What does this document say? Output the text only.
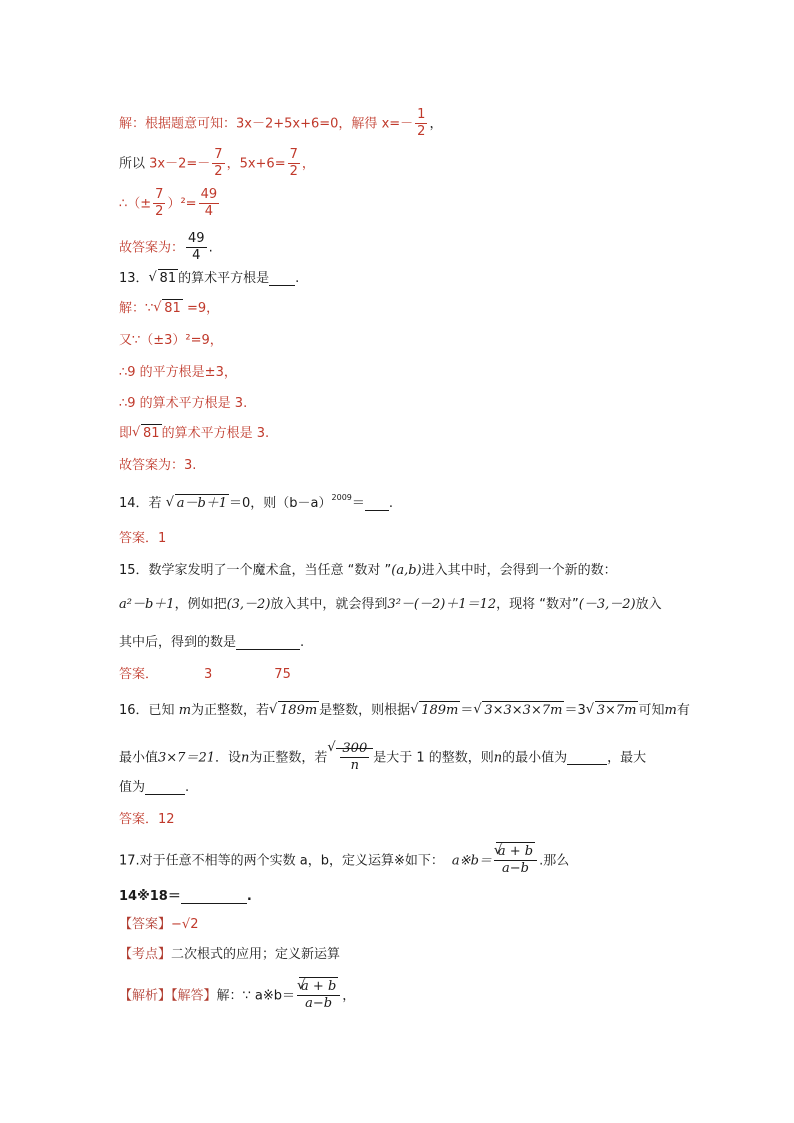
解：根据题意可知：3x－2+5x+6=0，解得 $x=- \frac{1}{2}$ ，
所以 $3x-2=- \frac{7}{2}$ ，$5x+6= \frac{7}{2}$ ，
∴（± $\frac{7}{2} )^2= \frac{49}{4}$
故答案为： $\frac{49}{4}$ .
13． √ 81 的算术平方根是 .
解：∵ √ 81 =9，
又∵（±3）²=9，
∴9 的平方根是±3，
∴9 的算术平方根是 3.
即 √ 81 的算术平方根是 3.
故答案为：3.
14．若 √ a－b＋1 ＝0，则$(b-a)^{2009}=$ .
答案．1
15．数学家发明了一个魔术盒，当任意 “数对 ”(a,b)进入其中时，会得到一个新的数：
a²－b＋1，例如把(3,－2)放入其中，就会得到3²－(－2)＋1＝12，现将 “数对”(－3,－2)放入
其中后，得到的数是	.
答案．	3	75
16．已知 m为正整数，若 √ 189m 是整数，则根据 √ 189m ＝ √ 3×3×3×7m ＝3 √ 3×7m 可知m有
最小值3×7＝21．设n为正整数，若 √ $\frac{300}{n}$ 是大于 1 的整数，则n的最小值为	，最大
值为	.
答案．12
17.对于任意不相等的两个实数 a，b，定义运算※如下： a※b＝ √ $\frac{a + b}{a-b}$ .那么
14※18＝	.
【答案】−√2
【考点】二次根式的应用；定义新运算
【解析】【解答】解：∵ a※b＝ √ $\frac{a + b}{a-b}$ ，
